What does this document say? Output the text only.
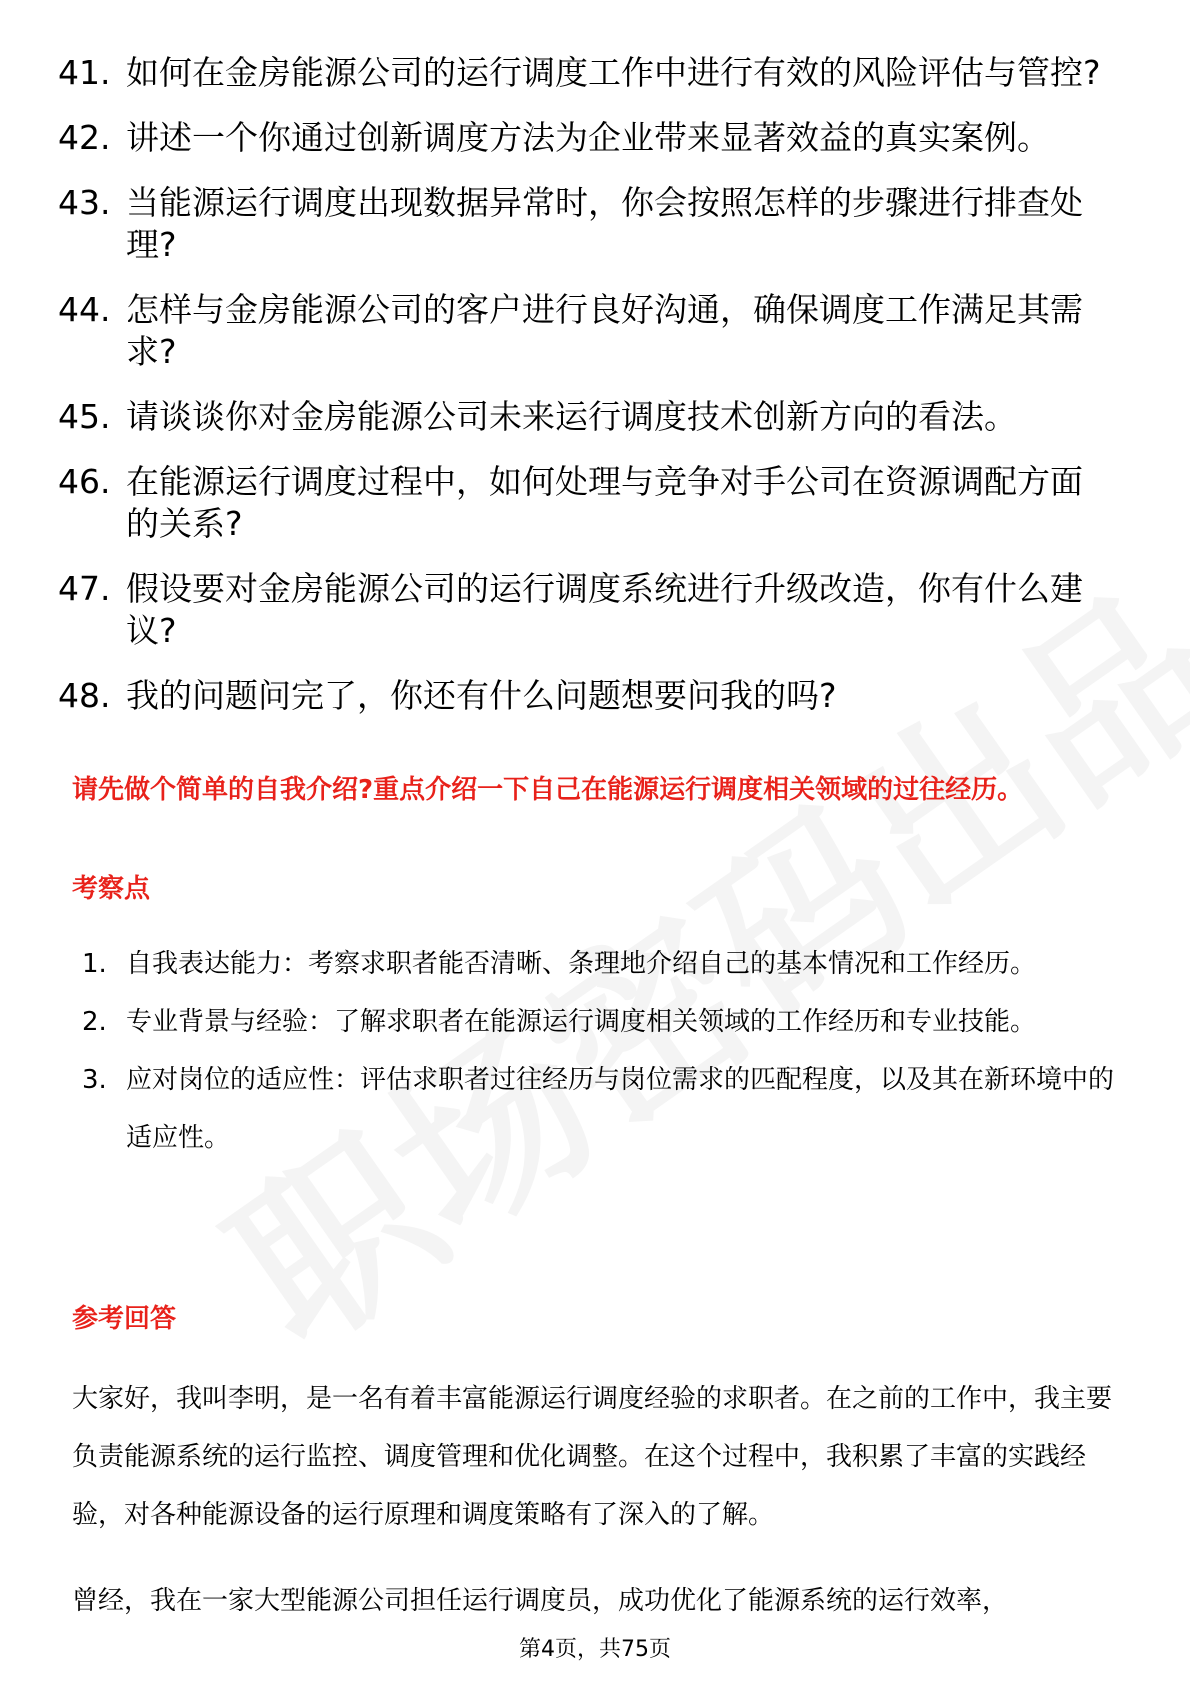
41. 如何在金房能源公司的运行调度工作中进行有效的风险评估与管控?
42. 讲述一个你通过创新调度方法为企业带来显著效益的真实案例。
43. 当能源运行调度出现数据异常时，你会按照怎样的步骤进行排查处理?
44. 怎样与金房能源公司的客户进行良好沟通，确保调度工作满足其需求?
45. 请谈谈你对金房能源公司未来运行调度技术创新方向的看法。
46. 在能源运行调度过程中，如何处理与竞争对手公司在资源调配方面的关系?
47. 假设要对金房能源公司的运行调度系统进行升级改造，你有什么建议?
48. 我的问题问完了，你还有什么问题想要问我的吗?
请先做个简单的自我介绍?重点介绍一下自己在能源运行调度相关领域的过往经历。
考察点
1. 自我表达能力：考察求职者能否清晰、条理地介绍自己的基本情况和工作经历。
2. 专业背景与经验：了解求职者在能源运行调度相关领域的工作经历和专业技能。
3. 应对岗位的适应性：评估求职者过往经历与岗位需求的匹配程度，以及其在新环境中的适应性。
参考回答
大家好，我叫李明，是一名有着丰富能源运行调度经验的求职者。在之前的工作中，我主要负责能源系统的运行监控、调度管理和优化调整。在这个过程中，我积累了丰富的实践经验，对各种能源设备的运行原理和调度策略有了深入的了解。
曾经，我在一家大型能源公司担任运行调度员，成功优化了能源系统的运行效率，
第4页，共75页
